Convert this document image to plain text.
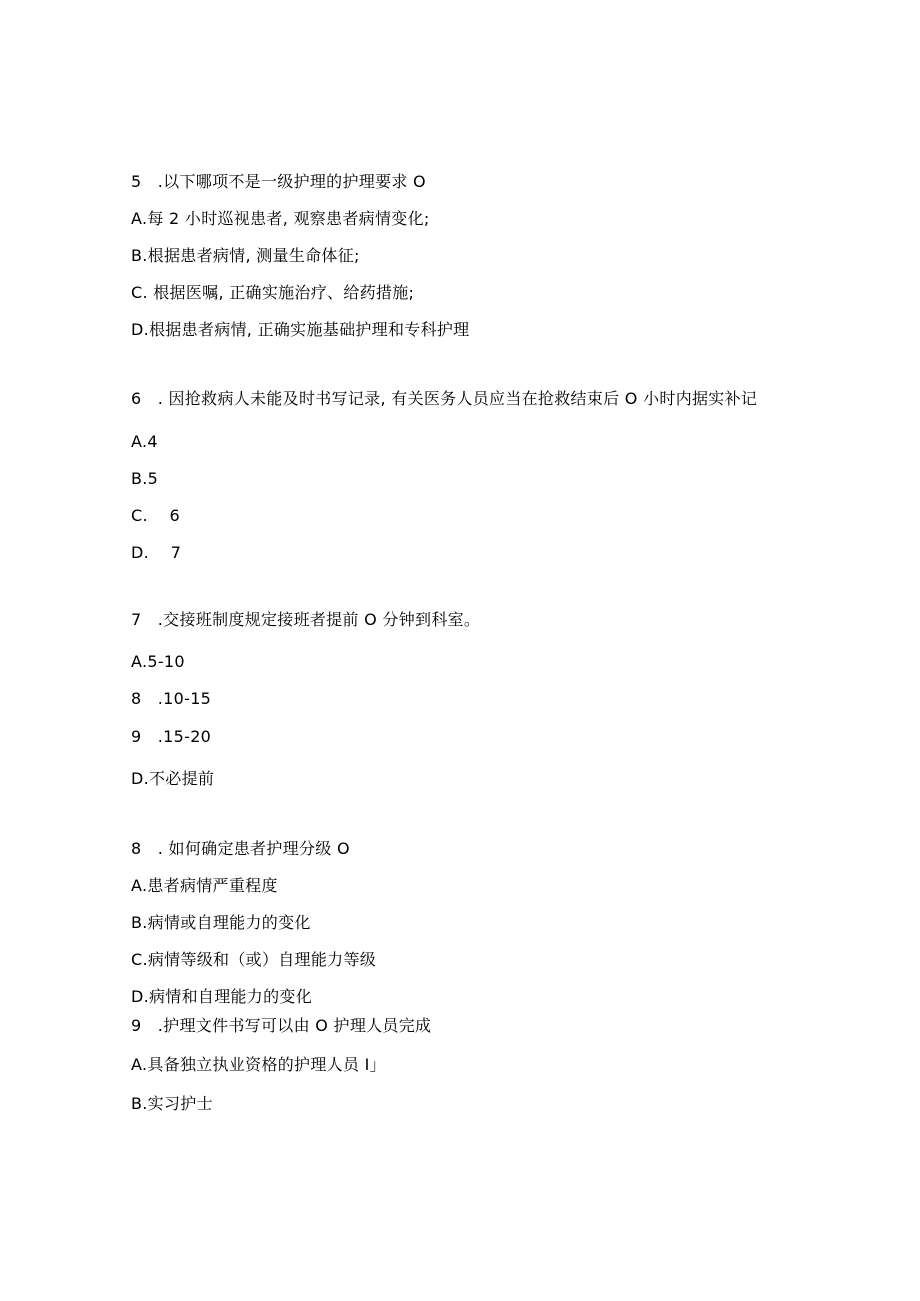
5　.以下哪项不是一级护理的护理要求 O
A.每 2 小时巡视患者, 观察患者病情变化;
B.根据患者病情, 测量生命体征;
C. 根据医嘱, 正确实施治疗、给药措施;
D.根据患者病情, 正确实施基础护理和专科护理
6　. 因抢救病人未能及时书写记录, 有关医务人员应当在抢救结束后 O 小时内据实补记
A.4
B.5
C.　 6
D.　 7
7　.交接班制度规定接班者提前 O 分钟到科室。
A.5-10
8　.10-15
9　.15-20
D.不必提前
8　. 如何确定患者护理分级 O
A.患者病情严重程度
B.病情或自理能力的变化
C.病情等级和（或）自理能力等级
D.病情和自理能力的变化
9　.护理文件书写可以由 O 护理人员完成
A.具备独立执业资格的护理人员 I」
B.实习护士
